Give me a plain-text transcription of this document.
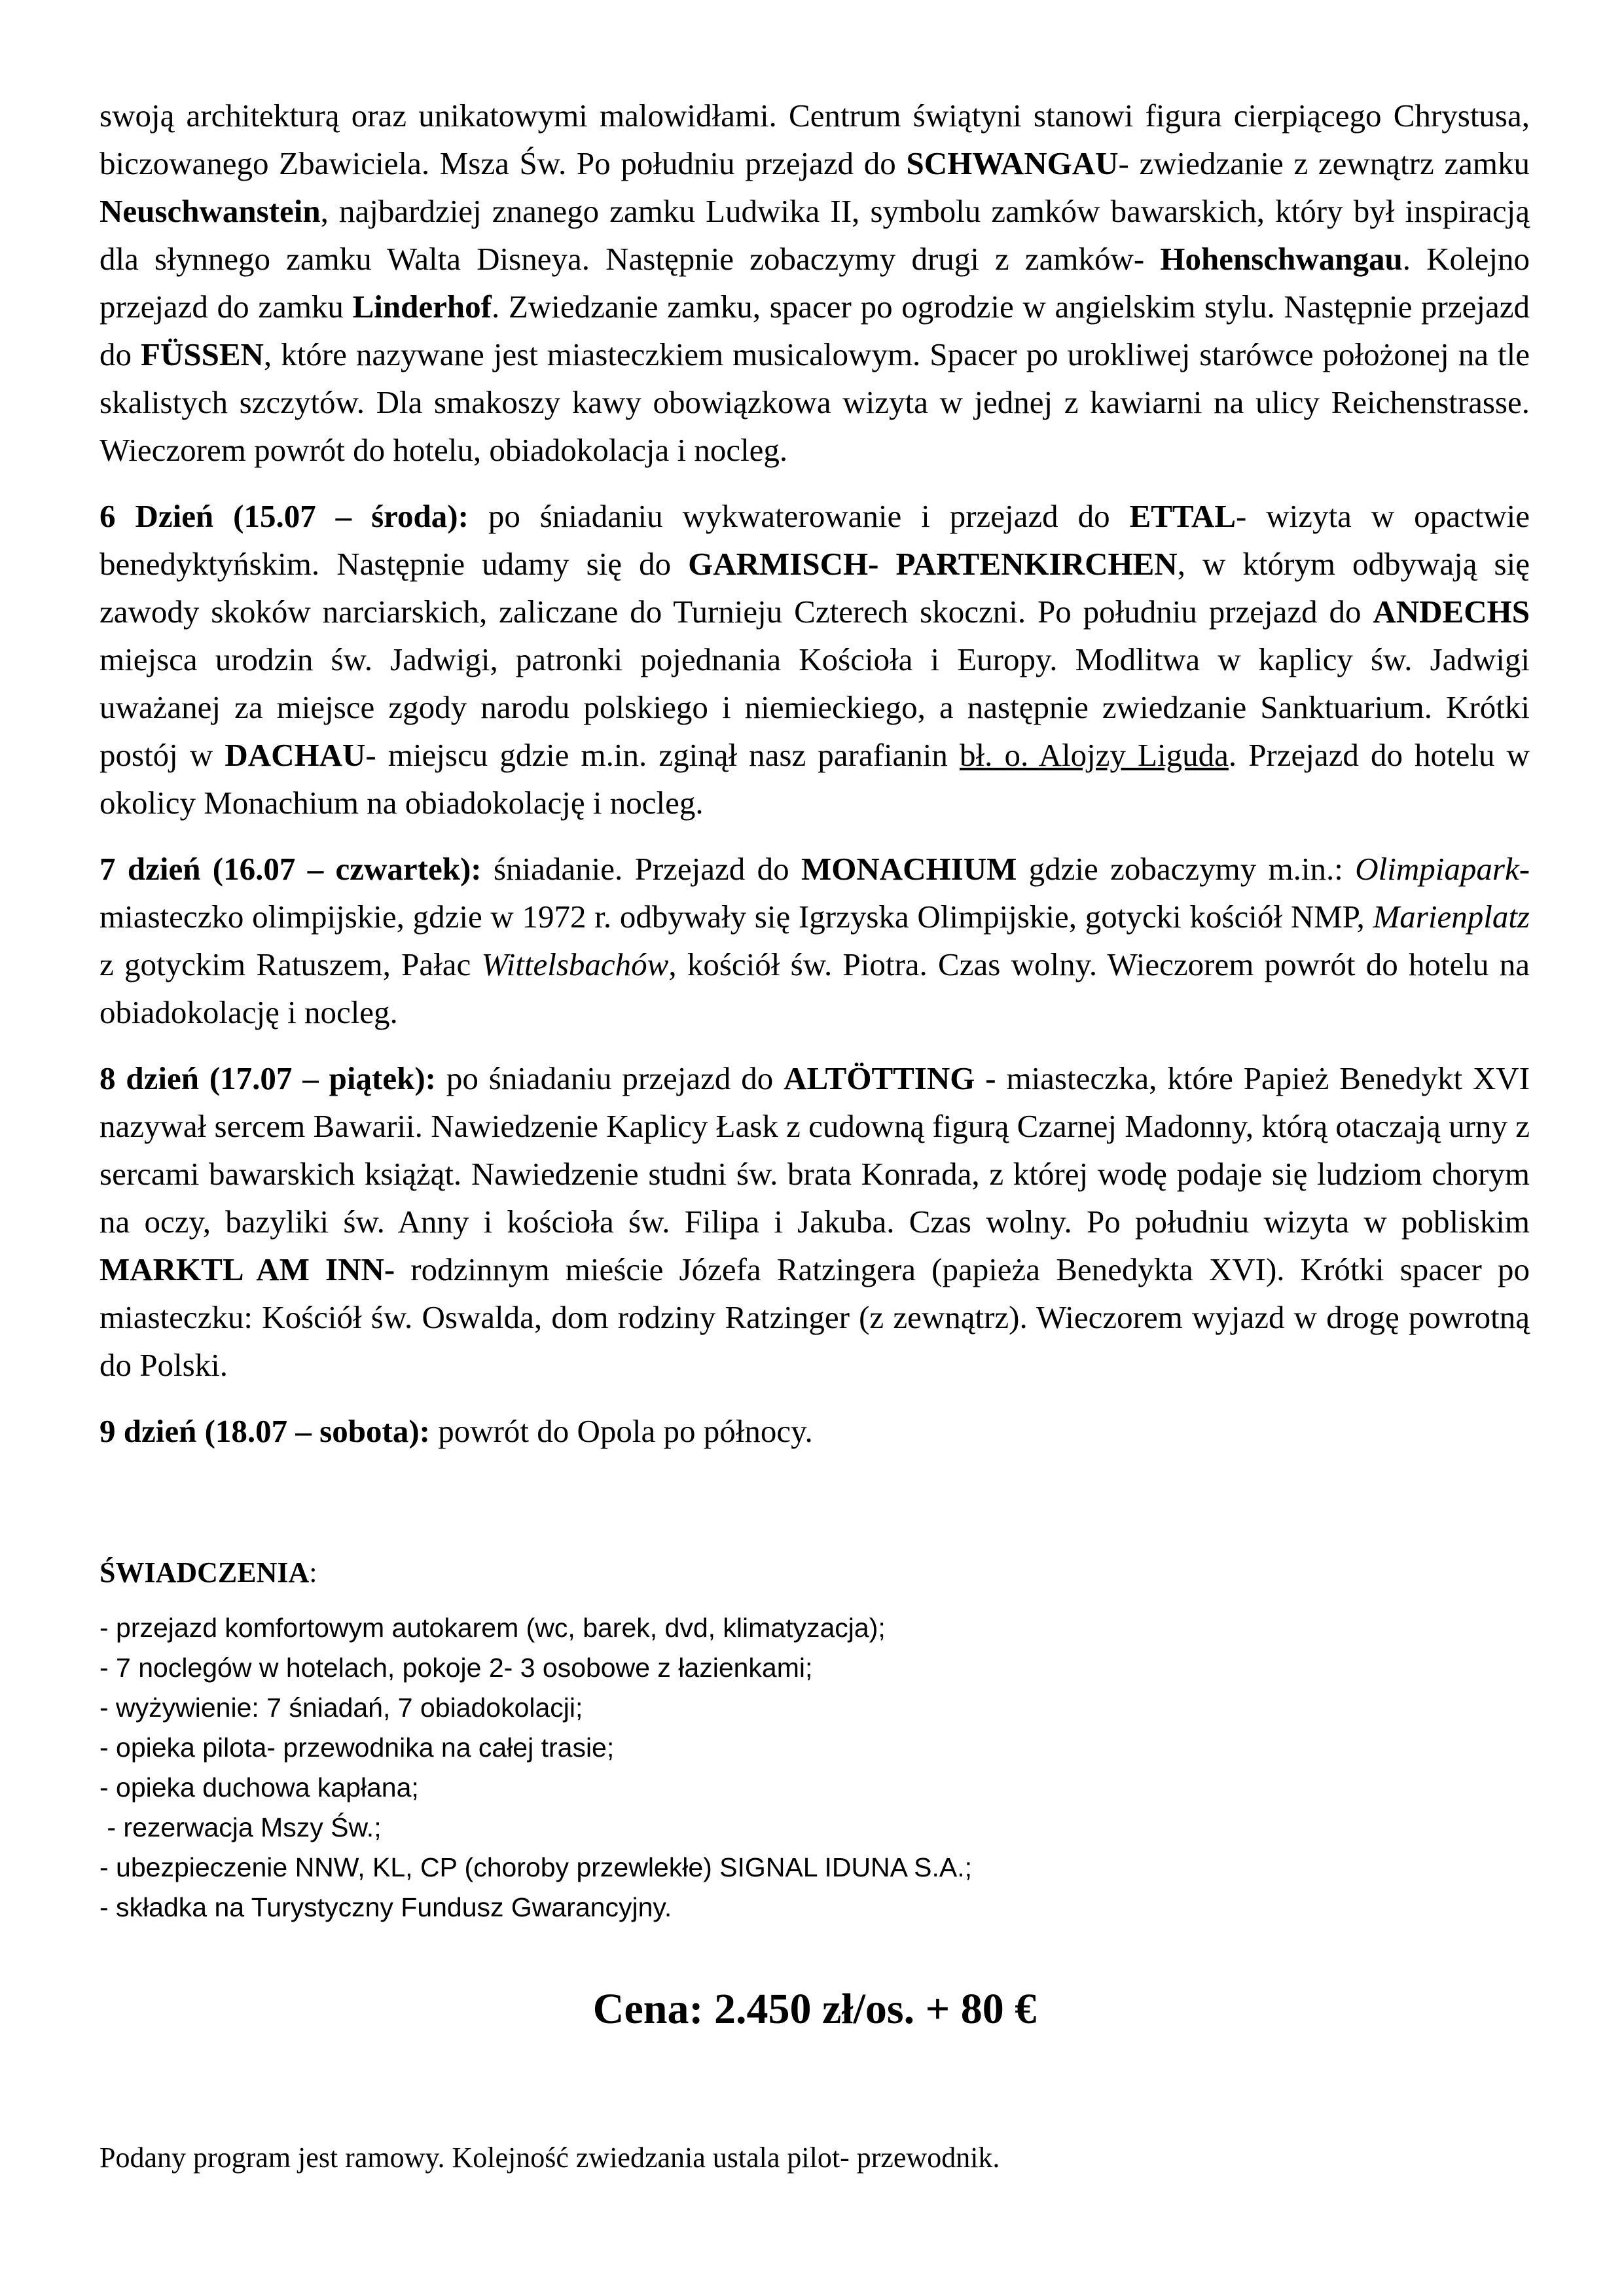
swoją architekturą oraz unikatowymi malowidłami. Centrum świątyni stanowi figura cierpiącego Chrystusa, biczowanego Zbawiciela. Msza Św. Po południu przejazd do SCHWANGAU- zwiedzanie z zewnątrz zamku Neuschwanstein, najbardziej znanego zamku Ludwika II, symbolu zamków bawarskich, który był inspiracją dla słynnego zamku Walta Disneya. Następnie zobaczymy drugi z zamków- Hohenschwangau. Kolejno przejazd do zamku Linderhof. Zwiedzanie zamku, spacer po ogrodzie w angielskim stylu. Następnie przejazd do FÜSSEN, które nazywane jest miasteczkiem musicalowym. Spacer po urokliwej starówce położonej na tle skalistych szczytów. Dla smakoszy kawy obowiązkowa wizyta w jednej z kawiarni na ulicy Reichenstrasse. Wieczorem powrót do hotelu, obiadokolacja i nocleg.

6 Dzień (15.07 – środa): po śniadaniu wykwaterowanie i przejazd do ETTAL- wizyta w opactwie benedyktyńskim. Następnie udamy się do GARMISCH- PARTENKIRCHEN, w którym odbywają się zawody skoków narciarskich, zaliczane do Turnieju Czterech skoczni. Po południu przejazd do ANDECHS miejsca urodzin św. Jadwigi, patronki pojednania Kościoła i Europy. Modlitwa w kaplicy św. Jadwigi uważanej za miejsce zgody narodu polskiego i niemieckiego, a następnie zwiedzanie Sanktuarium. Krótki postój w DACHAU- miejscu gdzie m.in. zginął nasz parafianin bł. o. Alojzy Liguda. Przejazd do hotelu w okolicy Monachium na obiadokolację i nocleg.

7 dzień (16.07 – czwartek): śniadanie. Przejazd do MONACHIUM gdzie zobaczymy m.in.: Olimpiapark- miasteczko olimpijskie, gdzie w 1972 r. odbywały się Igrzyska Olimpijskie, gotycki kościół NMP, Marienplatz z gotyckim Ratuszem, Pałac Wittelsbachów, kościół św. Piotra. Czas wolny. Wieczorem powrót do hotelu na obiadokolację i nocleg.

8 dzień (17.07 – piątek): po śniadaniu przejazd do ALTÖTTING - miasteczka, które Papież Benedykt XVI nazywał sercem Bawarii. Nawiedzenie Kaplicy Łask z cudowną figurą Czarnej Madonny, którą otaczają urny z sercami bawarskich książąt. Nawiedzenie studni św. brata Konrada, z której wodę podaje się ludziom chorym na oczy, bazyliki św. Anny i kościoła św. Filipa i Jakuba. Czas wolny. Po południu wizyta w pobliskim MARKTL AM INN- rodzinnym mieście Józefa Ratzingera (papieża Benedykta XVI). Krótki spacer po miasteczku: Kościół św. Oswalda, dom rodziny Ratzinger (z zewnątrz). Wieczorem wyjazd w drogę powrotną do Polski.

9 dzień (18.07 – sobota): powrót do Opola po północy.

ŚWIADCZENIA:

- przejazd komfortowym autokarem (wc, barek, dvd, klimatyzacja);
- 7 noclegów w hotelach, pokoje 2- 3 osobowe z łazienkami;
- wyżywienie: 7 śniadań, 7 obiadokolacji;
- opieka pilota- przewodnika na całej trasie;
- opieka duchowa kapłana;
- rezerwacja Mszy Św.;
- ubezpieczenie NNW, KL, CP (choroby przewlekłe) SIGNAL IDUNA S.A.;
- składka na Turystyczny Fundusz Gwarancyjny.
Cena: 2.450 zł/os. + 80 €
Podany program jest ramowy. Kolejność zwiedzania ustala pilot- przewodnik.
